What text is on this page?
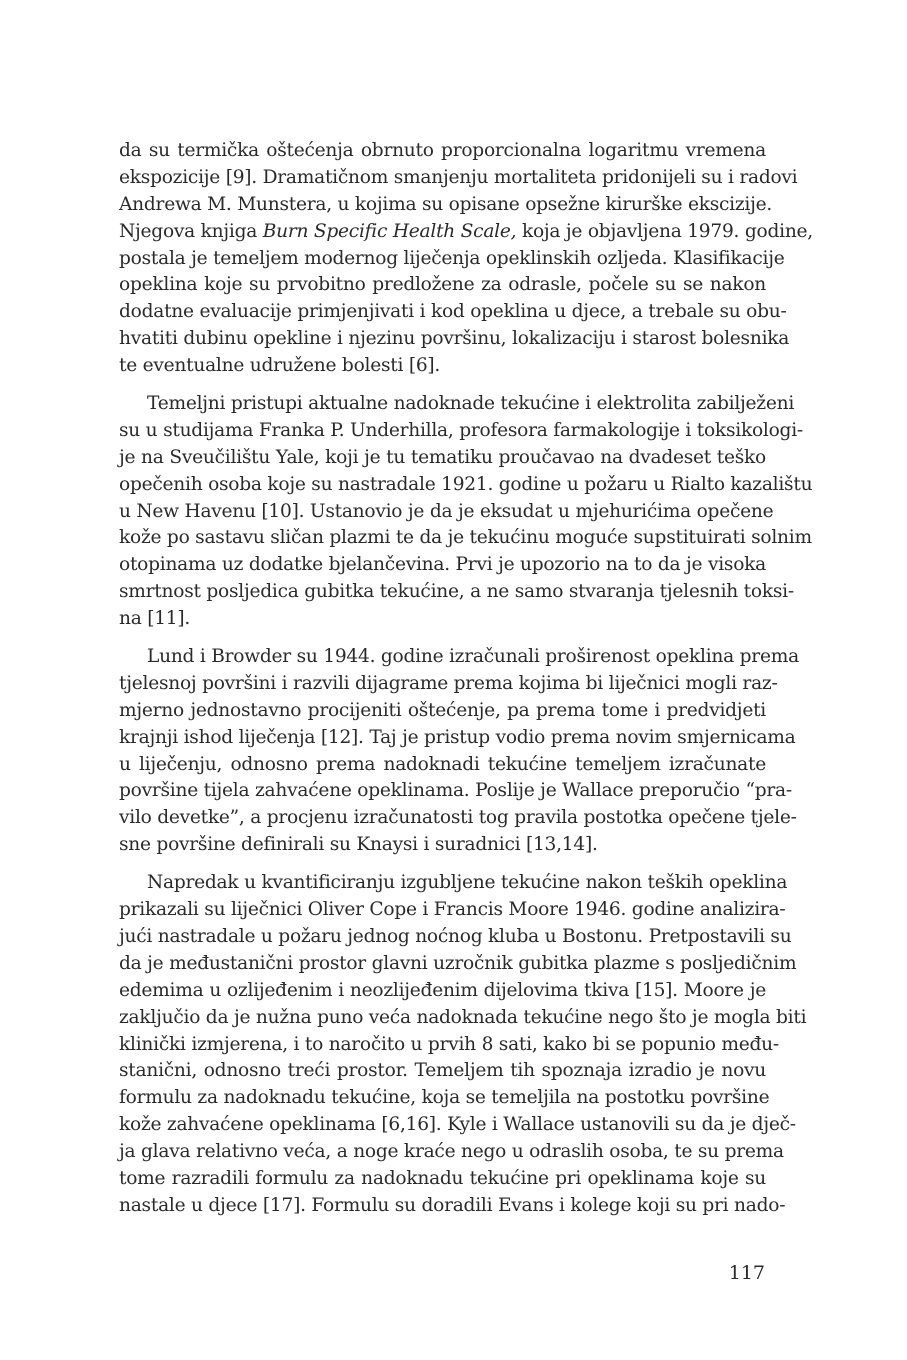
da su termička oštećenja obrnuto proporcionalna logaritmu vremena
ekspozicije [9]. Dramatičnom smanjenju mortaliteta pridonijeli su i radovi
Andrewa M. Munstera, u kojima su opisane opsežne kirurške ekscizije.
Njegova knjiga Burn Specific Health Scale, koja je objavljena 1979. godine,
postala je temeljem modernog liječenja opeklinskih ozljeda. Klasifikacije
opeklina koje su prvobitno predložene za odrasle, počele su se nakon
dodatne evaluacije primjenjivati i kod opeklina u djece, a trebale su obu-
hvatiti dubinu opekline i njezinu površinu, lokalizaciju i starost bolesnika
te eventualne udružene bolesti [6].
Temeljni pristupi aktualne nadoknade tekućine i elektrolita zabilježeni
su u studijama Franka P. Underhilla, profesora farmakologije i toksikologi-
je na Sveučilištu Yale, koji je tu tematiku proučavao na dvadeset teško
opečenih osoba koje su nastradale 1921. godine u požaru u Rialto kazalištu
u New Havenu [10]. Ustanovio je da je eksudat u mjehurićima opečene
kože po sastavu sličan plazmi te da je tekućinu moguće supstituirati solnim
otopinama uz dodatke bjelančevina. Prvi je upozorio na to da je visoka
smrtnost posljedica gubitka tekućine, a ne samo stvaranja tjelesnih toksi-
na [11].
Lund i Browder su 1944. godine izračunali proširenost opeklina prema
tjelesnoj površini i razvili dijagrame prema kojima bi liječnici mogli raz-
mjerno jednostavno procijeniti oštećenje, pa prema tome i predvidjeti
krajnji ishod liječenja [12]. Taj je pristup vodio prema novim smjernicama
u liječenju, odnosno prema nadoknadi tekućine temeljem izračunate
površine tijela zahvaćene opeklinama. Poslije je Wallace preporučio “pra-
vilo devetke”, a procjenu izračunatosti tog pravila postotka opečene tjele-
sne površine definirali su Knaysi i suradnici [13,14].
Napredak u kvantificiranju izgubljene tekućine nakon teških opeklina
prikazali su liječnici Oliver Cope i Francis Moore 1946. godine analizira-
jući nastradale u požaru jednog noćnog kluba u Bostonu. Pretpostavili su
da je međustanični prostor glavni uzročnik gubitka plazme s posljedičnim
edemima u ozlijeđenim i neozlijeđenim dijelovima tkiva [15]. Moore je
zaključio da je nužna puno veća nadoknada tekućine nego što je mogla biti
klinički izmjerena, i to naročito u prvih 8 sati, kako bi se popunio među-
stanični, odnosno treći prostor. Temeljem tih spoznaja izradio je novu
formulu za nadoknadu tekućine, koja se temeljila na postotku površine
kože zahvaćene opeklinama [6,16]. Kyle i Wallace ustanovili su da je dječ-
ja glava relativno veća, a noge kraće nego u odraslih osoba, te su prema
tome razradili formulu za nadoknadu tekućine pri opeklinama koje su
nastale u djece [17]. Formulu su doradili Evans i kolege koji su pri nado-
117
